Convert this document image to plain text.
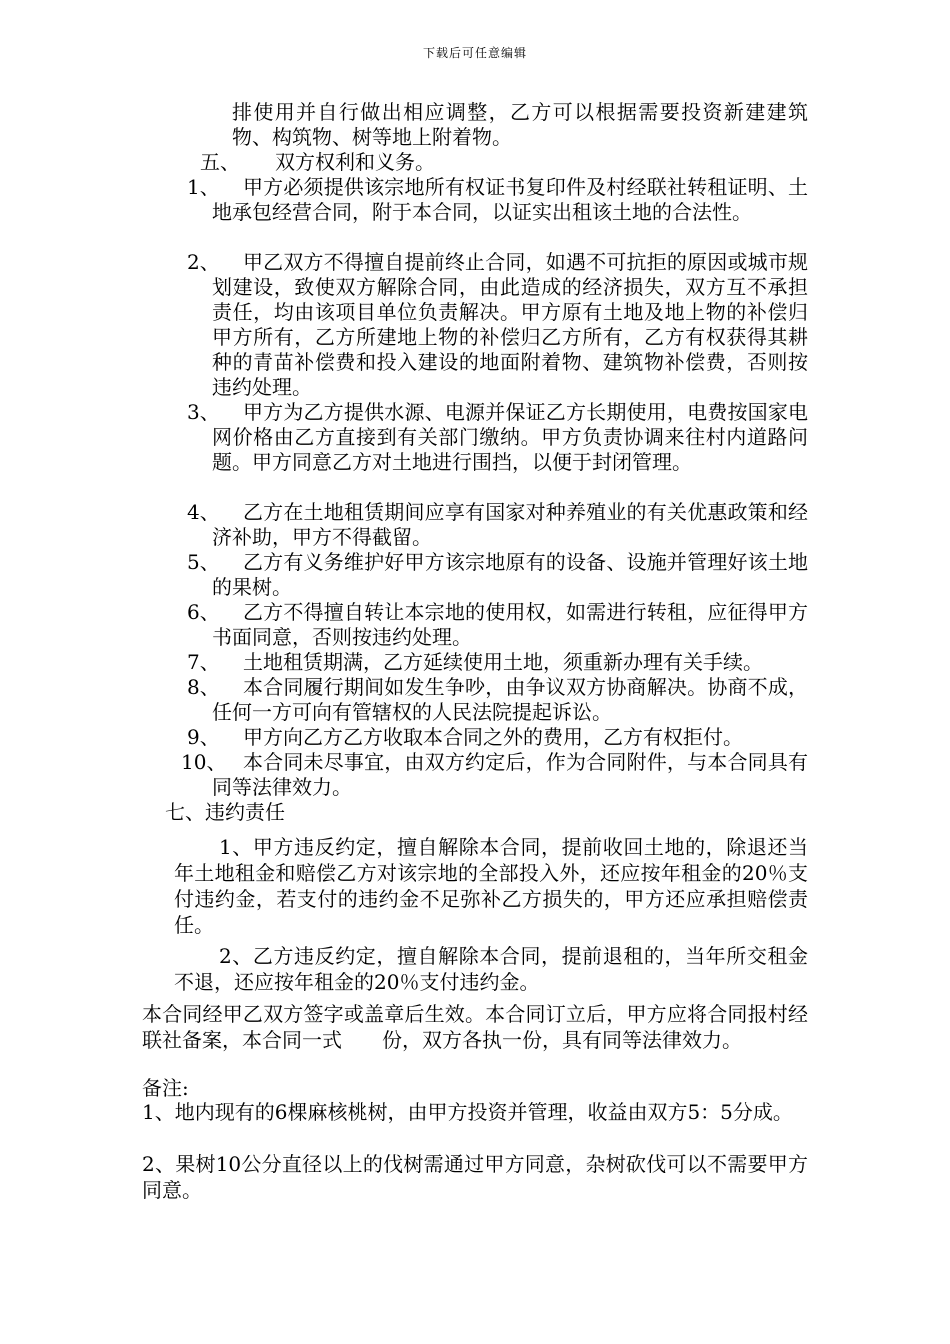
下载后可任意编辑

排使用并自行做出相应调整，乙方可以根据需要投资新建建筑物、构筑物、树等地上附着物。

五、 双方权利和义务。
1、	甲方必须提供该宗地所有权证书复印件及村经联社转租证明、土地承包经营合同，附于本合同，以证实出租该土地的合法性。

2、	甲乙双方不得擅自提前终止合同，如遇不可抗拒的原因或城市规划建设，致使双方解除合同，由此造成的经济损失，双方互不承担责任，均由该项目单位负责解决。甲方原有土地及地上物的补偿归甲方所有，乙方所建地上物的补偿归乙方所有，乙方有权获得其耕种的青苗补偿费和投入建设的地面附着物、建筑物补偿费，否则按违约处理。

3、	甲方为乙方提供水源、电源并保证乙方长期使用，电费按国家电网价格由乙方直接到有关部门缴纳。甲方负责协调来往村内道路问题。甲方同意乙方对土地进行围挡，以便于封闭管理。

4、	乙方在土地租赁期间应享有国家对种养殖业的有关优惠政策和经济补助，甲方不得截留。

5、	乙方有义务维护好甲方该宗地原有的设备、设施并管理好该土地的果树。

6、	乙方不得擅自转让本宗地的使用权，如需进行转租，应征得甲方书面同意，否则按违约处理。

7、 土地租赁期满，乙方延续使用土地，须重新办理有关手续。

8、	本合同履行期间如发生争吵，由争议双方协商解决。协商不成，任何一方可向有管辖权的人民法院提起诉讼。

9、 甲方向乙方乙方收取本合同之外的费用，乙方有权拒付。

10、 本合同未尽事宜，由双方约定后，作为合同附件，与本合同具有同等法律效力。

七、违约责任

1、甲方违反约定，擅自解除本合同，提前收回土地的，除退还当年土地租金和赔偿乙方对该宗地的全部投入外，还应按年租金的20％支付违约金，若支付的违约金不足弥补乙方损失的，甲方还应承担赔偿责任。

2、乙方违反约定，擅自解除本合同，提前退租的，当年所交租金不退，还应按年租金的20％支付违约金。

本合同经甲乙双方签字或盖章后生效。本合同订立后，甲方应将合同报村经联社备案，本合同一式　　份，双方各执一份，具有同等法律效力。

备注:

1、地内现有的6棵麻核桃树，由甲方投资并管理，收益由双方5：5分成。

2、果树10公分直径以上的伐树需通过甲方同意，杂树砍伐可以不需要甲方同意。
